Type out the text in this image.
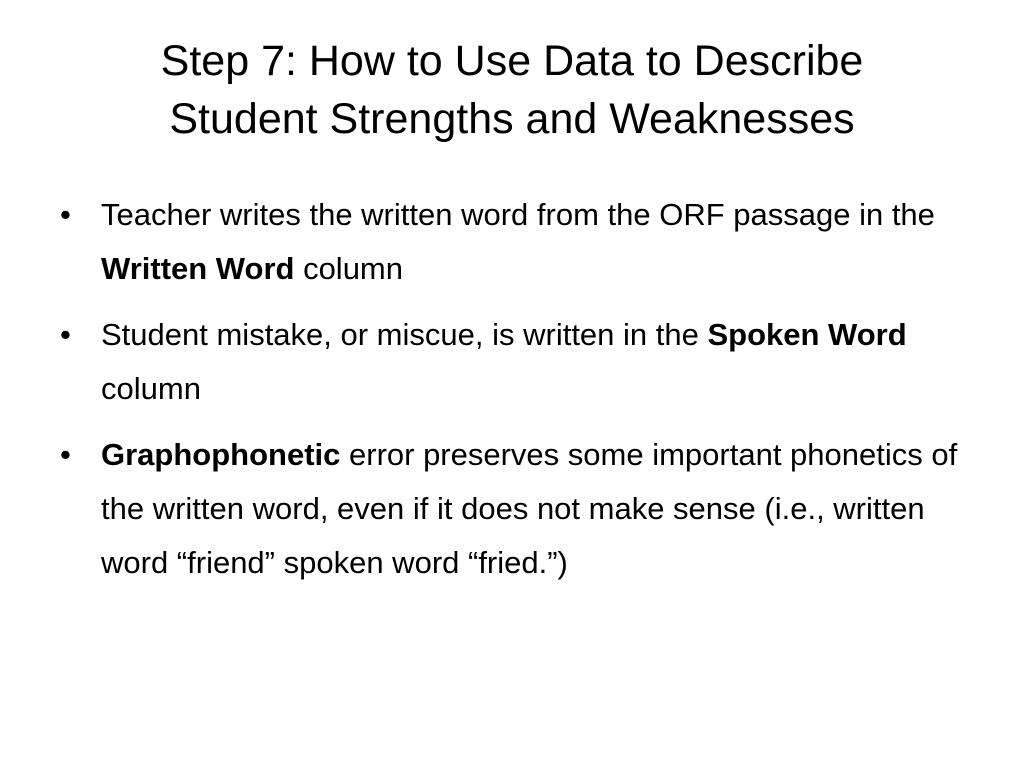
Step 7: How to Use Data to Describe
Student Strengths and Weaknesses
• Teacher writes the written word from the ORF passage in the Written Word column
• Student mistake, or miscue, is written in the Spoken Word column
• Graphophonetic error preserves some important phonetics of the written word, even if it does not make sense (i.e., written word “friend” spoken word “fried.”)
